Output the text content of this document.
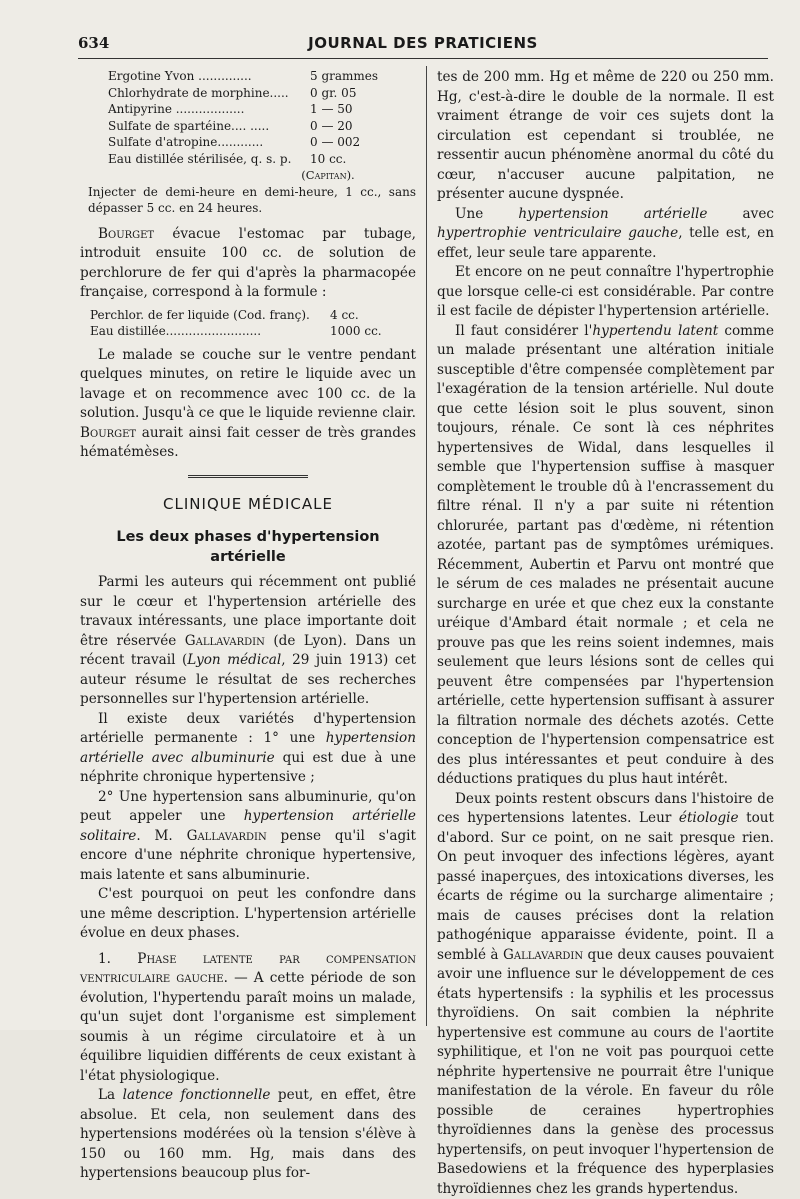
634	JOURNAL DES PRATICIENS
Ergotine Yvon ..............	5 grammes
Chlorhydrate de morphine.....	0 gr. 05
Antipyrine ..................	1 — 50
Sulfate de spartéine.... .....	0 — 20
Sulfate d'atropine............	0 — 002
Eau distillée stérilisée, q. s. p.	10 cc.
(Capitan).

Injecter de demi-heure en demi-heure, 1 cc., sans dépasser 5 cc. en 24 heures.

Bourget évacue l'estomac par tubage, introduit ensuite 100 cc. de solution de perchlorure de fer qui d'après la pharmacopée française, correspond à la formule :

Perchlor. de fer liquide (Cod. franç).	4 cc.
Eau distillée.........................	1000 cc.

Le malade se couche sur le ventre pendant quelques minutes, on retire le liquide avec un lavage et on recommence avec 100 cc. de la solution. Jusqu'à ce que le liquide revienne clair. Bourget aurait ainsi fait cesser de très grandes hématémèses.

CLINIQUE MÉDICALE
Les deux phases d'hypertension artérielle

Parmi les auteurs qui récemment ont publié sur le cœur et l'hypertension artérielle des travaux intéressants, une place importante doit être réservée Gallavardin (de Lyon). Dans un récent travail (Lyon médical, 29 juin 1913) cet auteur résume le résultat de ses recherches personnelles sur l'hypertension artérielle.

Il existe deux variétés d'hypertension artérielle permanente : 1° une hypertension artérielle avec albuminurie qui est due à une néphrite chronique hypertensive ;

2° Une hypertension sans albuminurie, qu'on peut appeler une hypertension artérielle solitaire. M. Gallavardin pense qu'il s'agit encore d'une néphrite chronique hypertensive, mais latente et sans albuminurie.

C'est pourquoi on peut les confondre dans une même description. L'hypertension artérielle évolue en deux phases.

1. Phase latente par compensation ventriculaire gauche. — A cette période de son évolution, l'hypertendu paraît moins un malade, qu'un sujet dont l'organisme est simplement soumis à un régime circulatoire et à un équilibre liquidien différents de ceux existant à l'état physiologique.

La latence fonctionnelle peut, en effet, être absolue. Et cela, non seulement dans des hypertensions modérées où la tension s'élève à 150 ou 160 mm. Hg, mais dans des hypertensions beaucoup plus for-

tes de 200 mm. Hg et même de 220 ou 250 mm. Hg, c'est-à-dire le double de la normale. Il est vraiment étrange de voir ces sujets dont la circulation est cependant si troublée, ne ressentir aucun phénomène anormal du côté du cœur, n'accuser aucune palpitation, ne présenter aucune dyspnée.

Une hypertension artérielle avec hypertrophie ventriculaire gauche, telle est, en effet, leur seule tare apparente.

Et encore on ne peut connaître l'hypertrophie que lorsque celle-ci est considérable. Par contre il est facile de dépister l'hypertension artérielle.

Il faut considérer l'hypertendu latent comme un malade présentant une altération initiale susceptible d'être compensée complètement par l'exagération de la tension artérielle. Nul doute que cette lésion soit le plus souvent, sinon toujours, rénale. Ce sont là ces néphrites hypertensives de Widal, dans lesquelles il semble que l'hypertension suffise à masquer complètement le trouble dû à l'encrassement du filtre rénal. Il n'y a par suite ni rétention chlorurée, partant pas d'œdème, ni rétention azotée, partant pas de symptômes urémiques. Récemment, Aubertin et Parvu ont montré que le sérum de ces malades ne présentait aucune surcharge en urée et que chez eux la constante uréique d'Ambard était normale ; et cela ne prouve pas que les reins soient indemnes, mais seulement que leurs lésions sont de celles qui peuvent être compensées par l'hypertension artérielle, cette hypertension suffisant à assurer la filtration normale des déchets azotés. Cette conception de l'hypertension compensatrice est des plus intéressantes et peut conduire à des déductions pratiques du plus haut intérêt.

Deux points restent obscurs dans l'histoire de ces hypertensions latentes. Leur étiologie tout d'abord. Sur ce point, on ne sait presque rien. On peut invoquer des infections légères, ayant passé inaperçues, des intoxications diverses, les écarts de régime ou la surcharge alimentaire ; mais de causes précises dont la relation pathogénique apparaisse évidente, point. Il a semblé à Gallavardin que deux causes pouvaient avoir une influence sur le développement de ces états hypertensifs : la syphilis et les processus thyroïdiens. On sait combien la néphrite hypertensive est commune au cours de l'aortite syphilitique, et l'on ne voit pas pourquoi cette néphrite hypertensive ne pourrait être l'unique manifestation de la vérole. En faveur du rôle possible de ceraines hypertrophies thyroïdiennes dans la genèse des processus hypertensifs, on peut invoquer l'hypertension de Basedowiens et la fréquence des hyperplasies thyroïdiennes chez les grands hypertendus.
